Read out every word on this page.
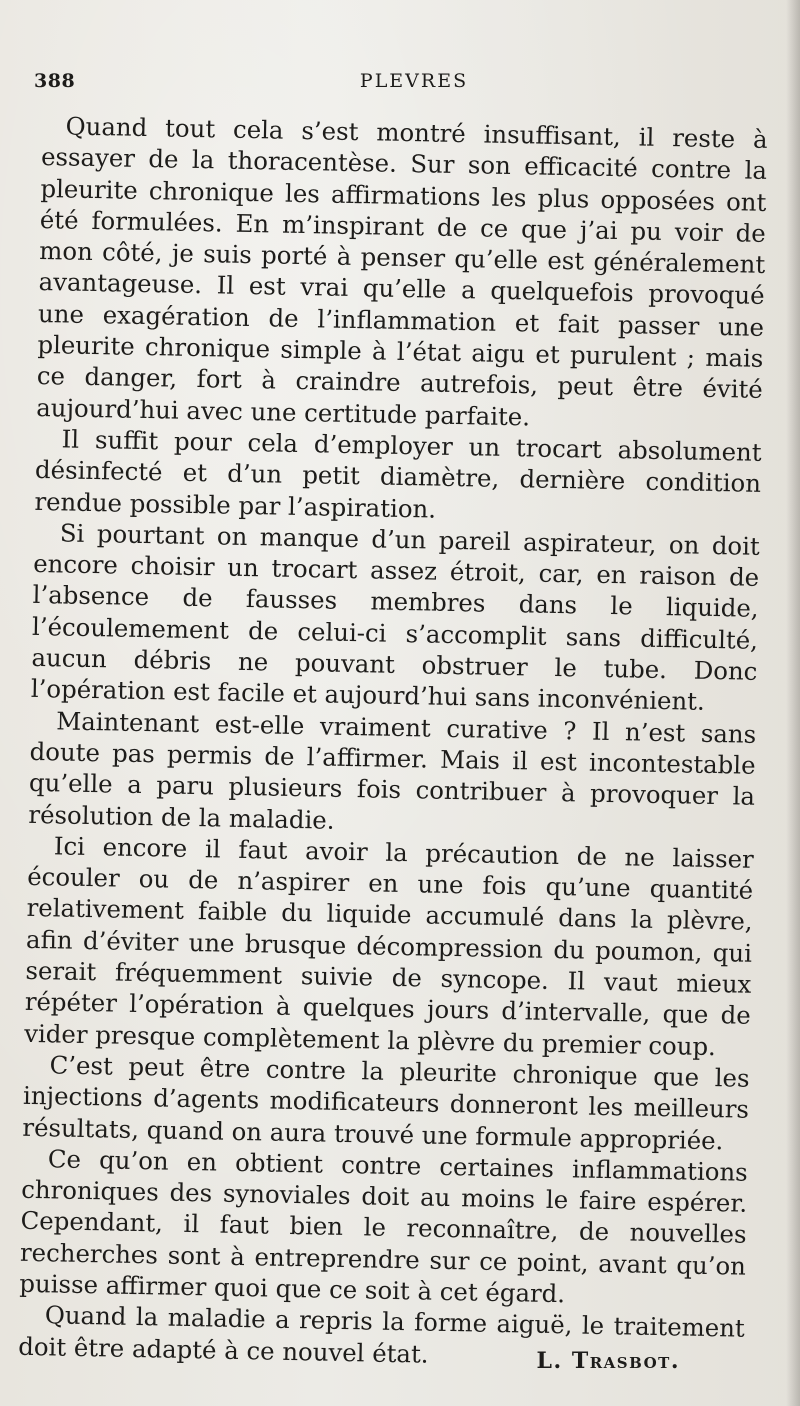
388	PLEVRES

Quand tout cela s’est montré insuffisant, il reste à essayer de la thoracentèse. Sur son efficacité contre la pleurite chronique les affirmations les plus opposées ont été formulées. En m’inspirant de ce que j’ai pu voir de mon côté, je suis porté à penser qu’elle est généralement avantageuse. Il est vrai qu’elle a quelquefois provoqué une exagération de l’inflammation et fait passer une pleurite chronique simple à l’état aigu et purulent ; mais ce danger, fort à craindre autrefois, peut être évité aujourd’hui avec une certitude parfaite.

Il suffit pour cela d’employer un trocart absolument désinfecté et d’un petit diamètre, dernière condition rendue possible par l’aspiration.

Si pourtant on manque d’un pareil aspirateur, on doit encore choisir un trocart assez étroit, car, en raison de l’absence de fausses membres dans le liquide, l’écoulemement de celui-ci s’accomplit sans difficulté, aucun débris ne pouvant obstruer le tube. Donc l’opération est facile et aujourd’hui sans inconvénient.

Maintenant est-elle vraiment curative ? Il n’est sans doute pas permis de l’affirmer. Mais il est incontestable qu’elle a paru plusieurs fois contribuer à provoquer la résolution de la maladie.

Ici encore il faut avoir la précaution de ne laisser écouler ou de n’aspirer en une fois qu’une quantité relativement faible du liquide accumulé dans la plèvre, afin d’éviter une brusque décompression du poumon, qui serait fréquemment suivie de syncope. Il vaut mieux répéter l’opération à quelques jours d’intervalle, que de vider presque complètement la plèvre du premier coup.

C’est peut être contre la pleurite chronique que les injections d’agents modificateurs donneront les meilleurs résultats, quand on aura trouvé une formule appropriée.

Ce qu’on en obtient contre certaines inflammations chroniques des synoviales doit au moins le faire espérer. Cependant, il faut bien le reconnaître, de nouvelles recherches sont à entreprendre sur ce point, avant qu’on puisse affirmer quoi que ce soit à cet égard.

Quand la maladie a repris la forme aiguë, le traitement doit être adapté à ce nouvel état.	L. Trasbot.
